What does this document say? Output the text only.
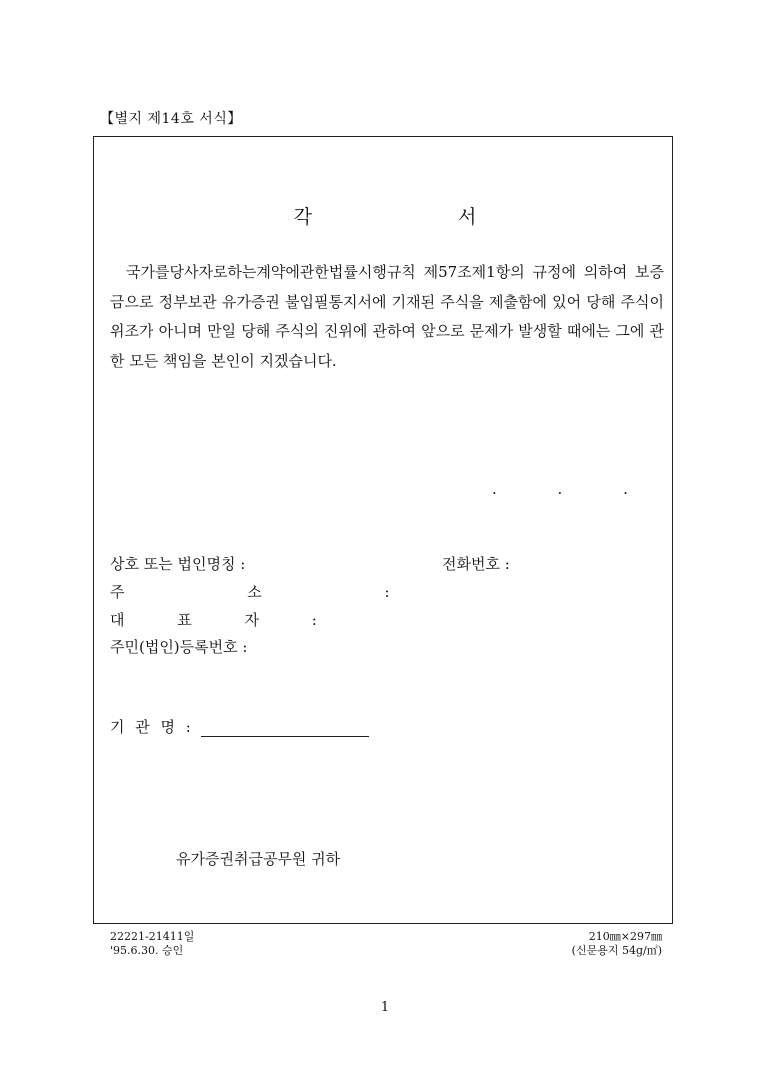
【별지 제14호 서식】
각 서

국가를당사자로하는계약에관한법률시행규칙 제57조제1항의 규정에 의하여 보증금으로 정부보관 유가증권 불입필통지서에 기재된 주식을 제출함에 있어 당해 주식이 위조가 아니며 만일 당해 주식의 진위에 관하여 앞으로 문제가 발생할 때에는 그에 관한 모든 책임을 본인이 지겠습니다.

. . .
상호 또는 법인명칭 :	전화번호 :
주 소 :
대 표 자 :
주민(법인)등록번호 :
기 관 명 :
유가증권취급공무원 귀하
22221-21411일
'95.6.30. 승인
210㎜×297㎜
(신문용지 54g/㎡)
1
